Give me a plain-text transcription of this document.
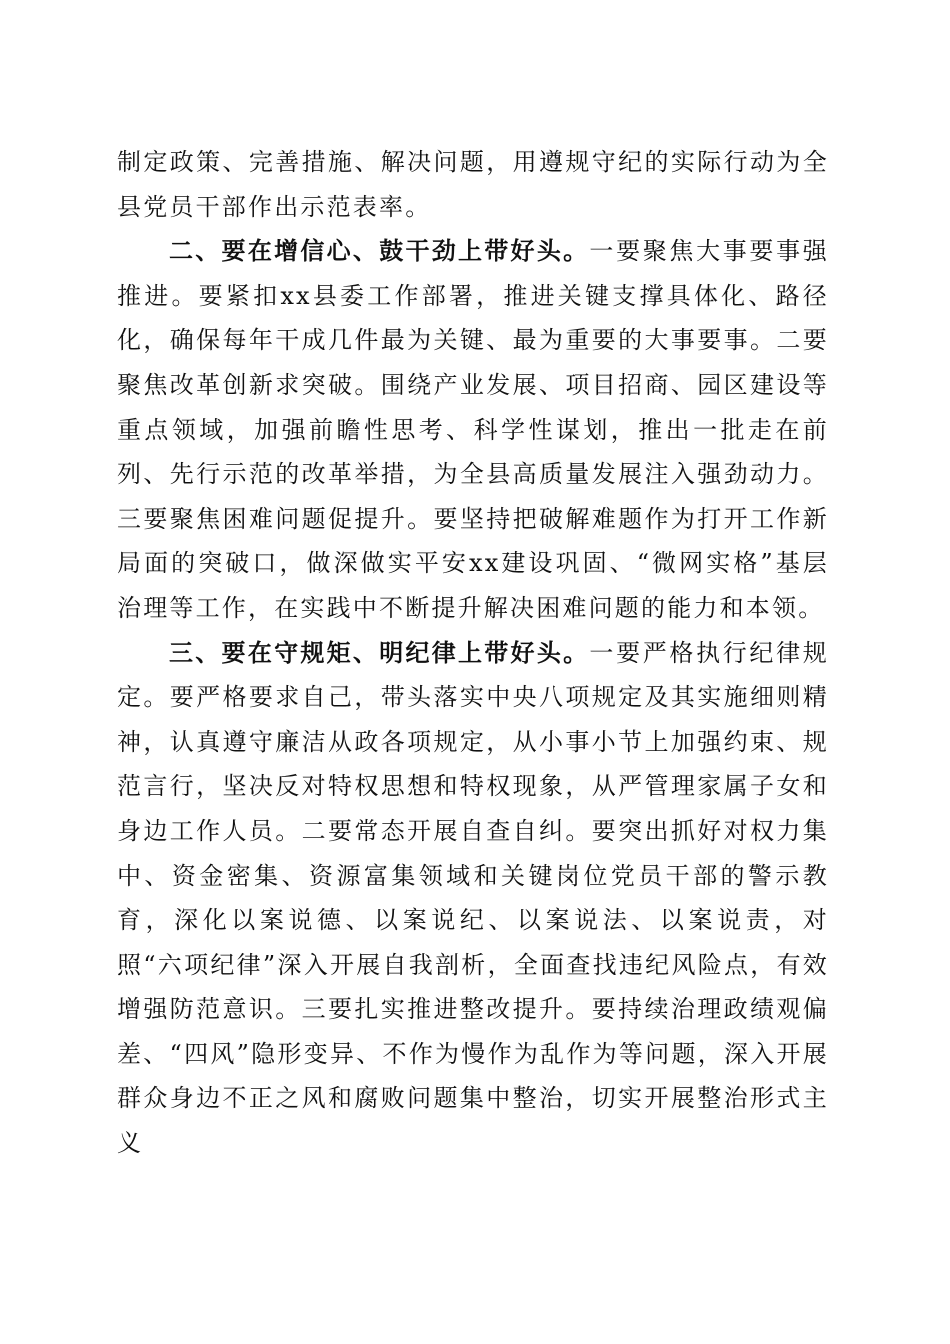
制定政策、完善措施、解决问题，用遵规守纪的实际行动为全县党员干部作出示范表率。

二、要在增信心、鼓干劲上带好头。一要聚焦大事要事强推进。要紧扣xx县委工作部署，推进关键支撑具体化、路径化，确保每年干成几件最为关键、最为重要的大事要事。二要聚焦改革创新求突破。围绕产业发展、项目招商、园区建设等重点领域，加强前瞻性思考、科学性谋划，推出一批走在前列、先行示范的改革举措，为全县高质量发展注入强劲动力。三要聚焦困难问题促提升。要坚持把破解难题作为打开工作新局面的突破口，做深做实平安xx建设巩固、“微网实格”基层治理等工作，在实践中不断提升解决困难问题的能力和本领。

三、要在守规矩、明纪律上带好头。一要严格执行纪律规定。要严格要求自己，带头落实中央八项规定及其实施细则精神，认真遵守廉洁从政各项规定，从小事小节上加强约束、规范言行，坚决反对特权思想和特权现象，从严管理家属子女和身边工作人员。二要常态开展自查自纠。要突出抓好对权力集中、资金密集、资源富集领域和关键岗位党员干部的警示教育，深化以案说德、以案说纪、以案说法、以案说责，对照“六项纪律”深入开展自我剖析，全面查找违纪风险点，有效增强防范意识。三要扎实推进整改提升。要持续治理政绩观偏差、“四风”隐形变异、不作为慢作为乱作为等问题，深入开展群众身边不正之风和腐败问题集中整治，切实开展整治形式主义
